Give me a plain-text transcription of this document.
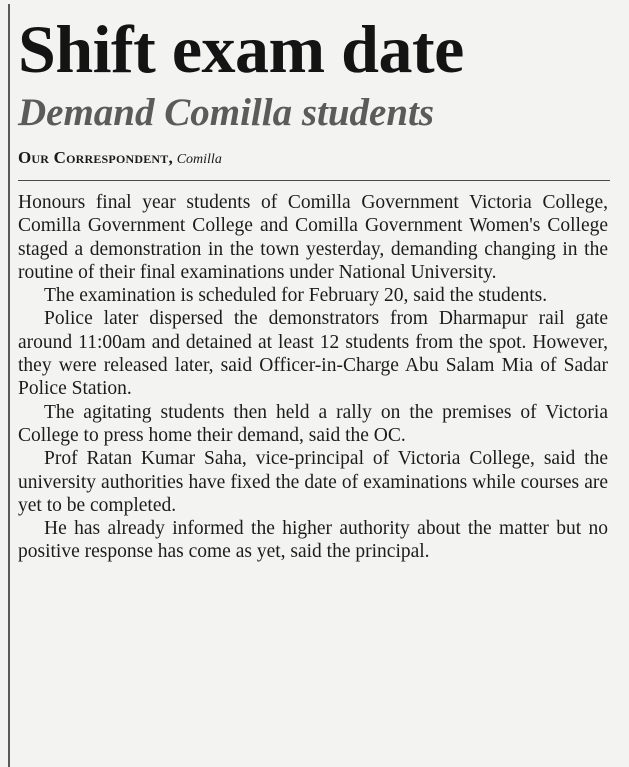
Shift exam date
Demand Comilla students
Our Correspondent, Comilla

Honours final year students of Comilla Government Victoria College, Comilla Government College and Comilla Government Women's College staged a demonstration in the town yesterday, demanding changing in the routine of their final examinations under National University.

The examination is scheduled for February 20, said the students.

Police later dispersed the demonstrators from Dharmapur rail gate around 11:00am and detained at least 12 students from the spot. However, they were released later, said Officer-in-Charge Abu Salam Mia of Sadar Police Station.

The agitating students then held a rally on the premises of Victoria College to press home their demand, said the OC.

Prof Ratan Kumar Saha, vice-principal of Victoria College, said the university authorities have fixed the date of examinations while courses are yet to be completed.

He has already informed the higher authority about the matter but no positive response has come as yet, said the principal.
